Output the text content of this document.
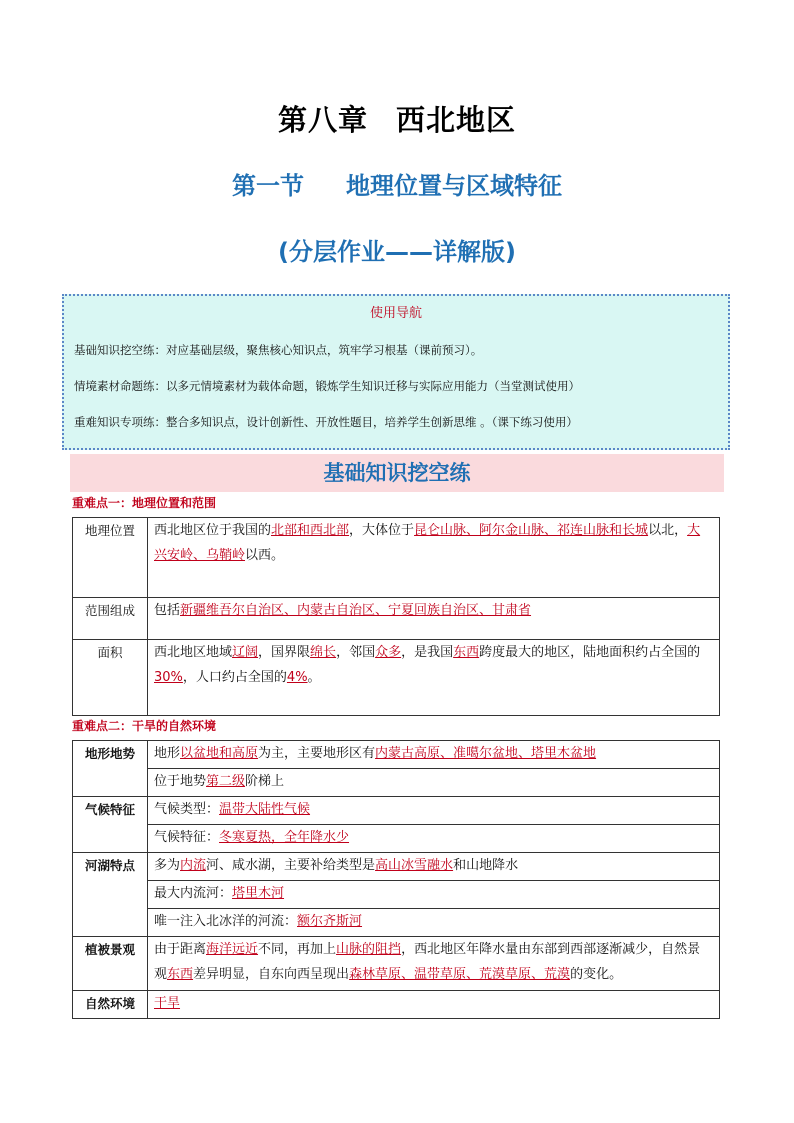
第八章 西北地区
第一节 地理位置与区域特征
(分层作业——详解版)
使用导航
基础知识挖空练：对应基础层级，聚焦核心知识点，筑牢学习根基（课前预习）。
情境素材命题练：以多元情境素材为载体命题，锻炼学生知识迁移与实际应用能力（当堂测试使用）
重难知识专项练：整合多知识点，设计创新性、开放性题目，培养学生创新思维 。（课下练习使用）
基础知识挖空练
重难点一：地理位置和范围
地理位置	西北地区位于我国的北部和西北部，大体位于昆仑山脉、阿尔金山脉、祁连山脉和长城以北，大兴安岭、乌鞘岭以西。
范围组成	包括新疆维吾尔自治区、内蒙古自治区、宁夏回族自治区、甘肃省
面积	西北地区地域辽阔，国界限绵长，邻国众多，是我国东西跨度最大的地区，陆地面积约占全国的30%，人口约占全国的4%。
重难点二：干旱的自然环境
地形地势	地形以盆地和高原为主，主要地形区有内蒙古高原、准噶尔盆地、塔里木盆地
	位于地势第二级阶梯上
气候特征	气候类型：温带大陆性气候
	气候特征：冬寒夏热，全年降水少
河湖特点	多为内流河、咸水湖，主要补给类型是高山冰雪融水和山地降水
	最大内流河：塔里木河
	唯一注入北冰洋的河流：额尔齐斯河
植被景观	由于距离海洋远近不同，再加上山脉的阻挡，西北地区年降水量由东部到西部逐渐减少，自然景观东西差异明显，自东向西呈现出森林草原、温带草原、荒漠草原、荒漠的变化。
自然环境	干旱
